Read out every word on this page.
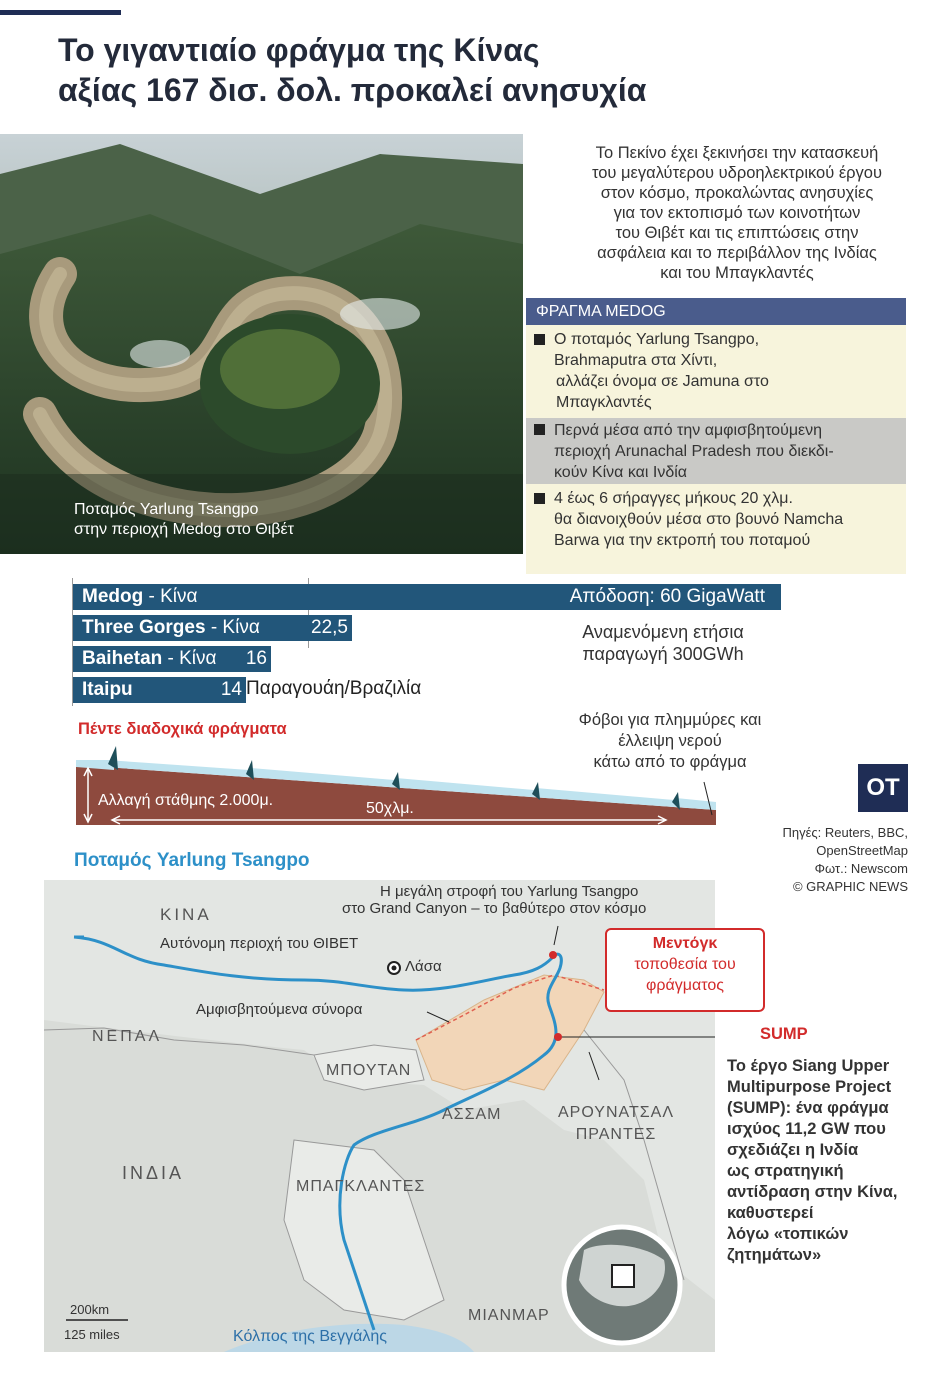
Το γιγαντιαίο φράγμα της Κίνας
αξίας 167 δισ. δολ. προκαλεί ανησυχία
Ποταμός Yarlung Tsangpo
στην περιοχή Medog στο Θιβέτ
Το Πεκίνο έχει ξεκινήσει την κατασκευή
του μεγαλύτερου υδροηλεκτρικού έργου
στον κόσμο, προκαλώντας ανησυχίες
για τον εκτοπισμό των κοινοτήτων
του Θιβέτ και τις επιπτώσεις στην
ασφάλεια και το περιβάλλον της Ινδίας
και του Μπαγκλαντές
ΦΡΑΓΜΑ MEDOG
Ο ποταμός Yarlung Tsangpo,
Brahmaputra στα Χίντι,
αλλάζει όνομα σε Jamuna στο
Μπαγκλαντές
Περνά μέσα από την αμφισβητούμενη
περιοχή Arunachal Pradesh που διεκδι-
κούν Κίνα και Ινδία
4 έως 6 σήραγγες μήκους 20 χλμ.
θα διανοιχθούν μέσα στο βουνό Namcha
Barwa για την εκτροπή του ποταμού
Medog - Κίνα	Απόδοση: 60 GigaWatt
Three Gorges - Κίνα	22,5
Baihetan - Κίνα 16
Itaipu	14 Παραγουάη/Βραζιλία
Αναμενόμενη ετήσια
παραγωγή 300GWh
Πέντε διαδοχικά φράγματα	Φόβοι για πλημμύρες και
έλλειψη νερού
κάτω από το φράγμα
Αλλαγή στάθμης 2.000μ.	50χλμ.
OT
Πηγές: Reuters, BBC,
OpenStreetMap
Φωτ.: Newscom
© GRAPHIC NEWS
Ποταμός Yarlung Tsangpo
Η μεγάλη στροφή του Yarlung Tsangpo
στο Grand Canyon – το βαθύτερο στον κόσμο
ΚΙΝΑ
Αυτόνομη περιοχή του ΘΙΒΕΤ
Λάσα
Αμφισβητούμενα σύνορα
ΝΕΠΑΛ
ΜΠΟΥΤΑΝ
ΑΣΣΑΜ	ΑΡΟΥΝΑΤΣΑΛ
ΠΡΑΝΤΕΣ
ΙΝΔΙΑ
ΜΠΑΓΚΛΑΝΤΕΣ
ΜΙΑΝΜΑΡ
Κόλπος της Βεγγάλης
200km
125 miles
Μεντόγκ
τοποθεσία του
φράγματος
SUMP
Το έργο Siang Upper
Multipurpose Project
(SUMP): ένα φράγμα
ισχύος 11,2 GW που
σχεδιάζει η Ινδία
ως στρατηγική
αντίδραση στην Κίνα,
καθυστερεί
λόγω «τοπικών
ζητημάτων»
